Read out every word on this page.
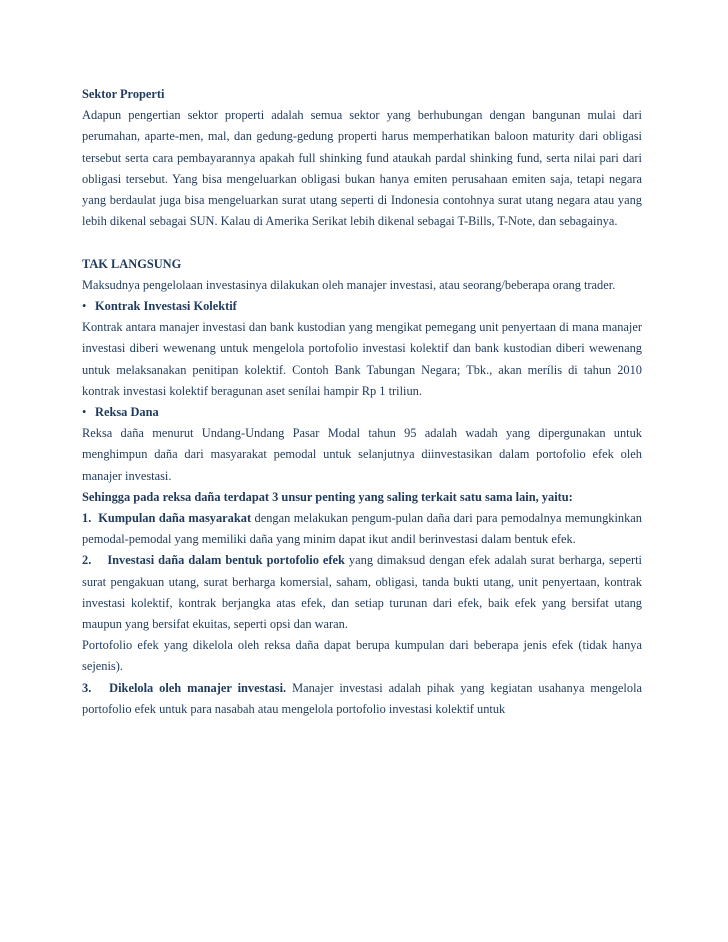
Sektor Properti

Adapun pengertian sektor properti adalah semua sektor yang berhubungan dengan bangunan mulai dari perumahan, aparte-men, mal, dan gedung-gedung properti harus memperhatikan baloon maturity dari obligasi tersebut serta cara pembayarannya apakah full shinking fund ataukah pardal shinking fund, serta nilai pari dari obligasi tersebut. Yang bisa mengeluarkan obligasi bukan hanya emiten perusahaan emiten saja, tetapi negara yang berdaulat juga bisa mengeluarkan surat utang seperti di Indonesia contohnya surat utang negara atau yang lebih dikenal sebagai SUN. Kalau di Amerika Serikat lebih dikenal sebagai T-Bills, T-Note, dan sebagainya.

TAK LANGSUNG

Maksudnya pengelolaan investasinya dilakukan oleh manajer investasi, atau seorang/beberapa orang trader.

• Kontrak Investasi Kolektif

Kontrak antara manajer investasi dan bank kustodian yang mengikat pemegang unit penyertaan di mana manajer investasi diberi wewenang untuk mengelola portofolio investasi kolektif dan bank kustodian diberi wewenang untuk melaksanakan penitipan kolektif. Contoh Bank Tabungan Negara; Tbk., akan merílis di tahun 2010 kontrak investasi kolektif beragunan aset senílai hampir Rp 1 triliun.

• Reksa Dana

Reksa daña menurut Undang-Undang Pasar Modal tahun 95 adalah wadah yang dipergunakan untuk menghimpun daña dari masyarakat pemodal untuk selanjutnya diinvestasikan dalam portofolio efek oleh manajer investasi.

Sehingga pada reksa daña terdapat 3 unsur penting yang saling terkait satu sama lain, yaitu:

1. Kumpulan daña masyarakat dengan melakukan pengum-pulan daña dari para pemodalnya memungkinkan pemodal-pemodal yang memiliki daña yang minim dapat ikut andil berinvestasi dalam bentuk efek.

2. Investasi daña dalam bentuk portofolio efek yang dimaksud dengan efek adalah surat berharga, seperti surat pengakuan utang, surat berharga komersial, saham, obligasi, tanda bukti utang, unit penyertaan, kontrak investasi kolektif, kontrak berjangka atas efek, dan setiap turunan dari efek, baik efek yang bersifat utang maupun yang bersifat ekuitas, seperti opsi dan waran.

Portofolio efek yang dikelola oleh reksa daña dapat berupa kumpulan dari beberapa jenis efek (tidak hanya sejenis).

3. Dikelola oleh manajer investasi. Manajer investasi adalah pihak yang kegiatan usahanya mengelola portofolio efek untuk para nasabah atau mengelola portofolio investasi kolektif untuk
